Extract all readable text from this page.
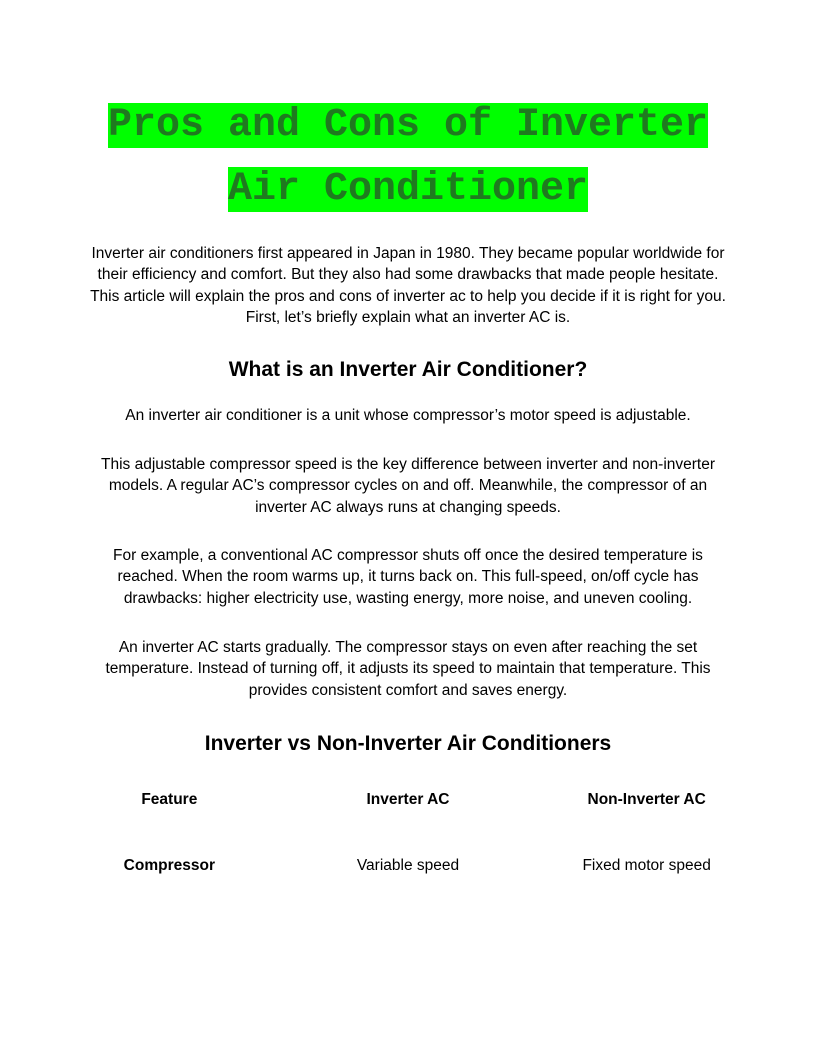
Pros and Cons of Inverter
Air Conditioner

Inverter air conditioners first appeared in Japan in 1980. They became popular worldwide for their efficiency and comfort. But they also had some drawbacks that made people hesitate. This article will explain the pros and cons of inverter ac to help you decide if it is right for you. First, let’s briefly explain what an inverter AC is.

What is an Inverter Air Conditioner?

An inverter air conditioner is a unit whose compressor’s motor speed is adjustable.

This adjustable compressor speed is the key difference between inverter and non-inverter models. A regular AC’s compressor cycles on and off. Meanwhile, the compressor of an inverter AC always runs at changing speeds.

For example, a conventional AC compressor shuts off once the desired temperature is reached. When the room warms up, it turns back on. This full-speed, on/off cycle has drawbacks: higher electricity use, wasting energy, more noise, and uneven cooling.

An inverter AC starts gradually. The compressor stays on even after reaching the set temperature. Instead of turning off, it adjusts its speed to maintain that temperature. This provides consistent comfort and saves energy.

Inverter vs Non-Inverter Air Conditioners
Feature	Inverter AC	Non-Inverter AC
Compressor	Variable speed	Fixed motor speed
